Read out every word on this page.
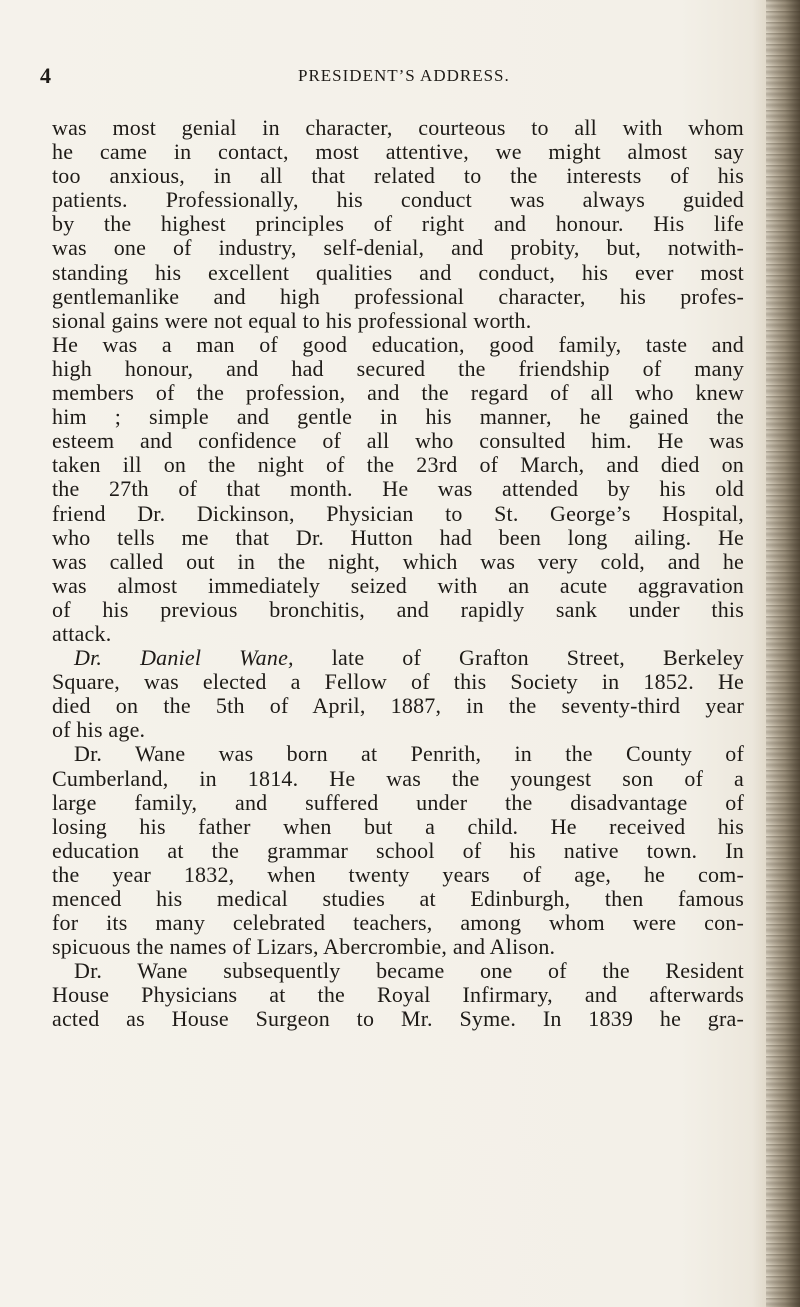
4	PRESIDENT’S ADDRESS.
was most genial in character, courteous to all with whom
he came in contact, most attentive, we might almost say
too anxious, in all that related to the interests of his
patients. Professionally, his conduct was always guided
by the highest principles of right and honour. His life
was one of industry, self-denial, and probity, but, notwith-
standing his excellent qualities and conduct, his ever most
gentlemanlike and high professional character, his profes-
sional gains were not equal to his professional worth.
He was a man of good education, good family, taste and
high honour, and had secured the friendship of many
members of the profession, and the regard of all who knew
him ; simple and gentle in his manner, he gained the
esteem and confidence of all who consulted him. He was
taken ill on the night of the 23rd of March, and died on
the 27th of that month. He was attended by his old
friend Dr. Dickinson, Physician to St. George’s Hospital,
who tells me that Dr. Hutton had been long ailing. He
was called out in the night, which was very cold, and he
was almost immediately seized with an acute aggravation
of his previous bronchitis, and rapidly sank under this
attack.
Dr. Daniel Wane, late of Grafton Street, Berkeley
Square, was elected a Fellow of this Society in 1852. He
died on the 5th of April, 1887, in the seventy-third year
of his age.
Dr. Wane was born at Penrith, in the County of
Cumberland, in 1814. He was the youngest son of a
large family, and suffered under the disadvantage of
losing his father when but a child. He received his
education at the grammar school of his native town. In
the year 1832, when twenty years of age, he com-
menced his medical studies at Edinburgh, then famous
for its many celebrated teachers, among whom were con-
spicuous the names of Lizars, Abercrombie, and Alison.
Dr. Wane subsequently became one of the Resident
House Physicians at the Royal Infirmary, and afterwards
acted as House Surgeon to Mr. Syme. In 1839 he gra-
